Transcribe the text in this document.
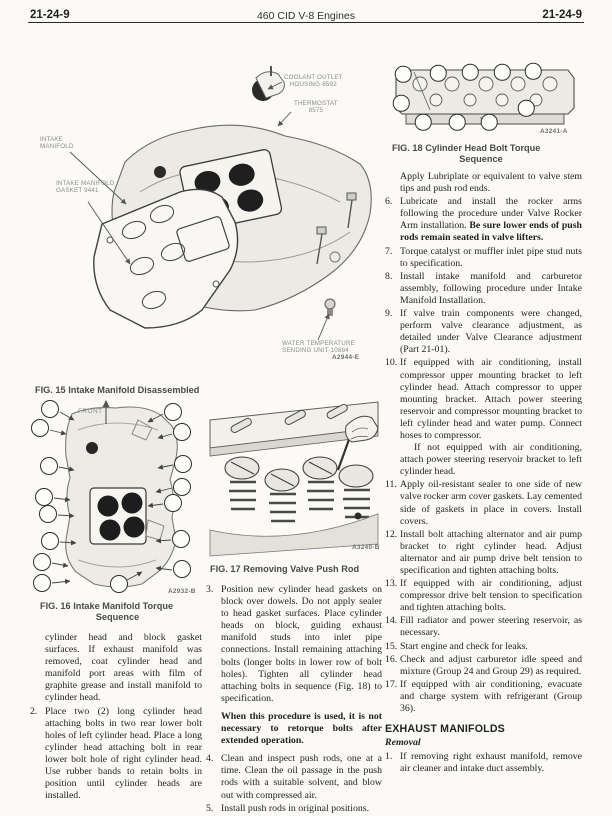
21-24-9	460 CID V-8 Engines	21-24-9
COOLANT OUTLET
HOUSING-8592
THERMOSTAT
8575
INTAKE
MANIFOLD
INTAKE MANIFOLD
GASKET 9441
WATER TEMPERATURE
SENDING UNIT-10884
A2944-E
FIG. 15 Intake Manifold Disassembled
FRONT
A2932-B
FIG. 16 Intake Manifold Torque
Sequence
cylinder head and block gasket surfaces. If exhaust manifold was removed, coat cylinder head and manifold port areas with film of graphite grease and install manifold to cylinder head.
2. Place two (2) long cylinder head attaching bolts in two rear lower bolt holes of left cylinder head. Place a long cylinder head attaching bolt in rear lower bolt hole of right cylinder head. Use rubber bands to retain bolts in position until cylinder heads are installed.
A3240-B
FIG. 17 Removing Valve Push Rod
3. Position new cylinder head gaskets on block over dowels. Do not apply sealer to head gasket surfaces. Place cylinder heads on block, guiding exhaust manifold studs into inlet pipe connections. Install remaining attaching bolts (longer bolts in lower row of bolt holes). Tighten all cylinder head attaching bolts in sequence (Fig. 18) to specification.
When this procedure is used, it is not necessary to retorque bolts after extended operation.
4. Clean and inspect push rods, one at a time. Clean the oil passage in the push rods with a suitable solvent, and blow out with compressed air.
5. Install push rods in original positions.
A3241-A
FIG. 18 Cylinder Head Bolt Torque
Sequence
Apply Lubriplate or equivalent to valve stem tips and push rod ends.
6. Lubricate and install the rocker arms following the procedure under Valve Rocker Arm installation. Be sure lower ends of push rods remain seated in valve lifters.
7. Torque catalyst or muffler inlet pipe stud nuts to specification.
8. Install intake manifold and carburetor assembly, following procedure under Intake Manifold Installation.
9. If valve train components were changed, perform valve clearance adjustment, as detailed under Valve Clearance adjustment (Part 21-01).
10. If equipped with air conditioning, install compressor upper mounting bracket to left cylinder head. Attach compressor to upper mounting bracket. Attach power steering reservoir and compressor mounting bracket to left cylinder head and water pump. Connect hoses to compressor.
If not equipped with air conditioning, attach power steering reservoir bracket to left cylinder head.
11. Apply oil-resistant sealer to one side of new valve rocker arm cover gaskets. Lay cemented side of gaskets in place in covers. Install covers.
12. Install bolt attaching alternator and air pump bracket to right cylinder head. Adjust alternator and air pump drive belt tension to specification and tighten attaching bolts.
13. If equipped with air conditioning, adjust compressor drive belt tension to specification and tighten attaching bolts.
14. Fill radiator and power steering reservoir, as necessary.
15. Start engine and check for leaks.
16. Check and adjust carburetor idle speed and mixture (Group 24 and Group 29) as required.
17. If equipped with air conditioning, evacuate and charge system with refrigerant (Group 36).
EXHAUST MANIFOLDS
Removal
1. If removing right exhaust manifold, remove air cleaner and intake duct assembly.
